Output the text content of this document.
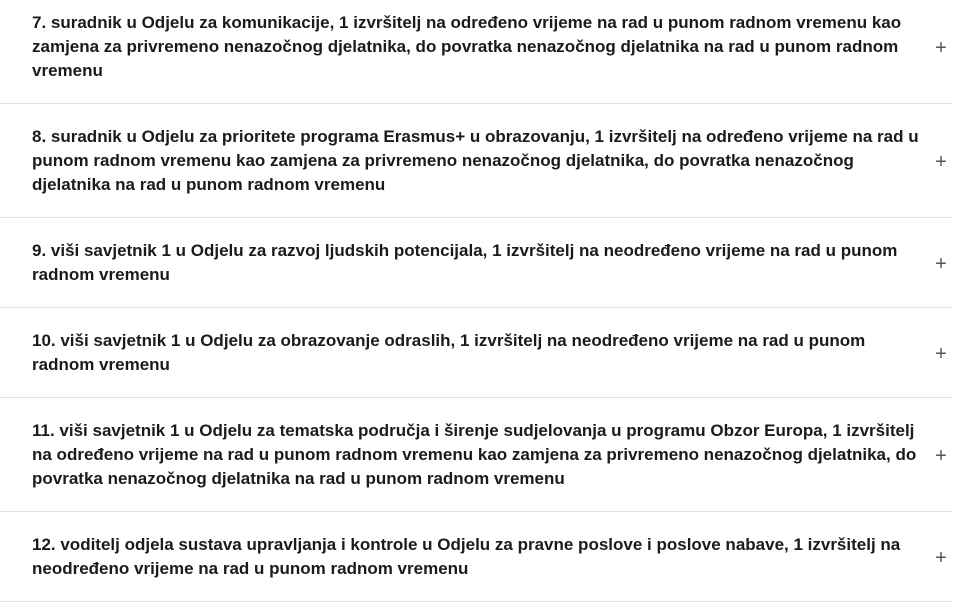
7. suradnik u Odjelu za komunikacije, 1 izvršitelj na određeno vrijeme na rad u punom radnom vremenu kao zamjena za privremeno nenazočnog djelatnika, do povratka nenazočnog djelatnika na rad u punom radnom vremenu
+
8. suradnik u Odjelu za prioritete programa Erasmus+ u obrazovanju, 1 izvršitelj na određeno vrijeme na rad u punom radnom vremenu kao zamjena za privremeno nenazočnog djelatnika, do povratka nenazočnog djelatnika na rad u punom radnom vremenu
+
9. viši savjetnik 1 u Odjelu za razvoj ljudskih potencijala, 1 izvršitelj na neodređeno vrijeme na rad u punom radnom vremenu	+
10. viši savjetnik 1 u Odjelu za obrazovanje odraslih, 1 izvršitelj na neodređeno vrijeme na rad u punom radnom vremenu	+
11. viši savjetnik 1 u Odjelu za tematska područja i širenje sudjelovanja u programu Obzor Europa, 1 izvršitelj na određeno vrijeme na rad u punom radnom vremenu kao zamjena za privremeno nenazočnog djelatnika, do povratka nenazočnog djelatnika na rad u punom radnom vremenu
+
12. voditelj odjela sustava upravljanja i kontrole u Odjelu za pravne poslove i poslove nabave, 1 izvršitelj na neodređeno vrijeme na rad u punom radnom vremenu	+
